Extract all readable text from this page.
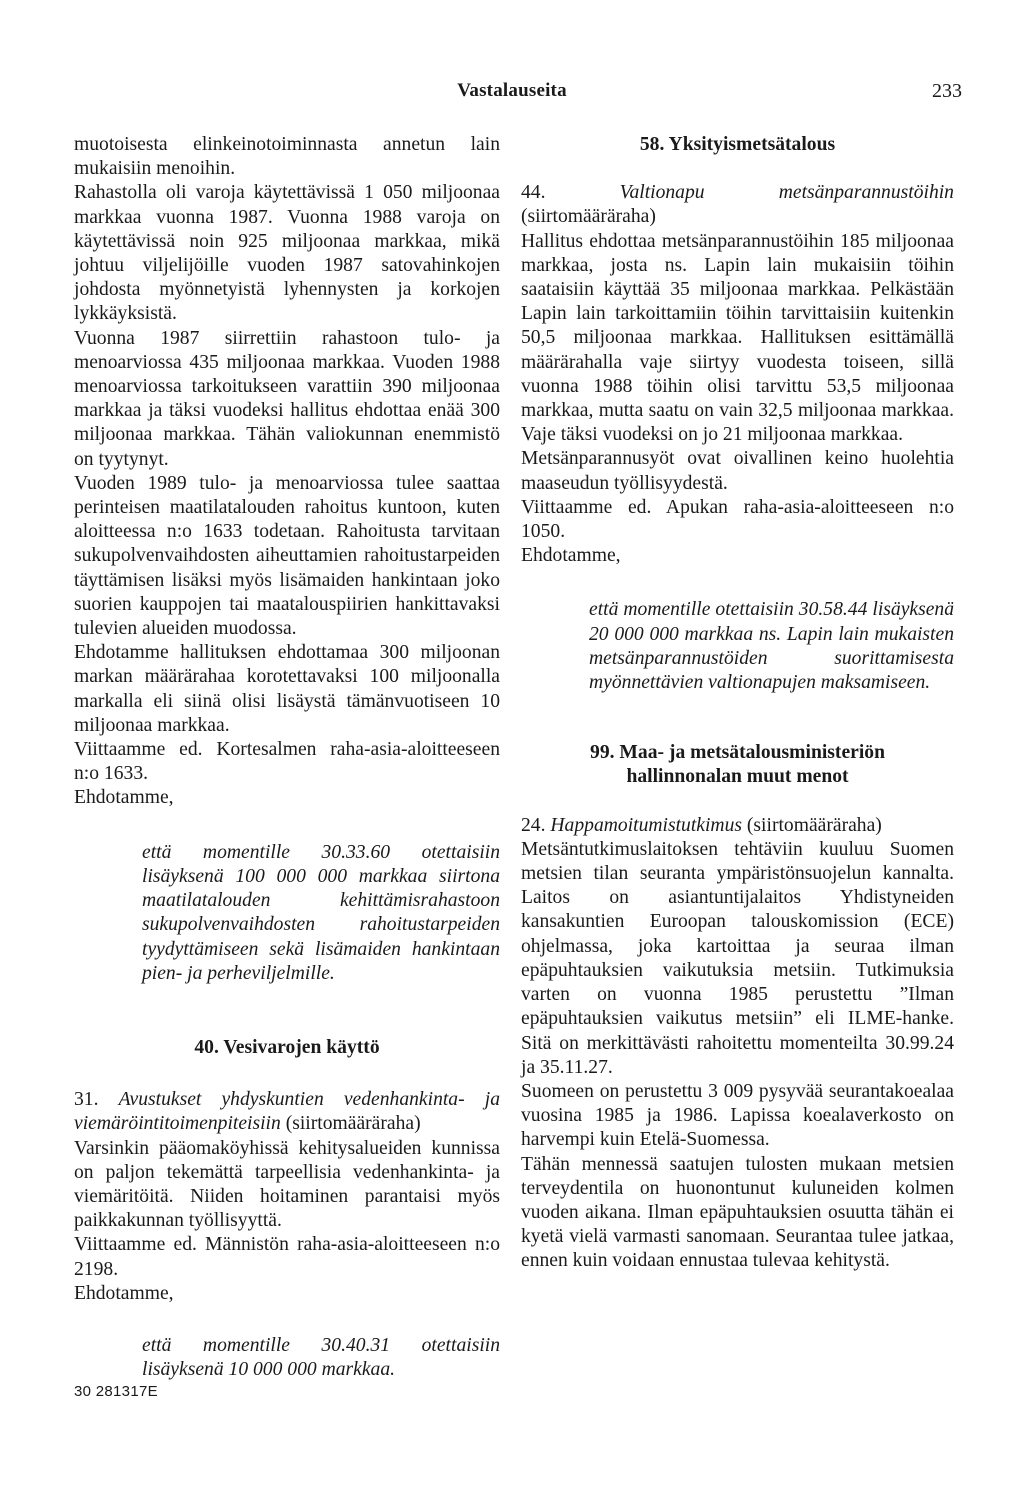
Vastalauseita	233

muotoisesta elinkeinotoiminnasta annetun lain mukaisiin menoihin.

Rahastolla oli varoja käytettävissä 1 050 miljoonaa markkaa vuonna 1987. Vuonna 1988 varoja on käytettävissä noin 925 miljoonaa markkaa, mikä johtuu viljelijöille vuoden 1987 satovahinkojen johdosta myönnetyistä lyhennysten ja korkojen lykkäyksistä.

Vuonna 1987 siirrettiin rahastoon tulo- ja menoarviossa 435 miljoonaa markkaa. Vuoden 1988 menoarviossa tarkoitukseen varattiin 390 miljoonaa markkaa ja täksi vuodeksi hallitus ehdottaa enää 300 miljoonaa markkaa. Tähän valiokunnan enemmistö on tyytynyt.

Vuoden 1989 tulo- ja menoarviossa tulee saattaa perinteisen maatilatalouden rahoitus kuntoon, kuten aloitteessa n:o 1633 todetaan. Rahoitusta tarvitaan sukupolvenvaihdosten aiheuttamien rahoitustarpeiden täyttämisen lisäksi myös lisämaiden hankintaan joko suorien kauppojen tai maatalouspiirien hankittavaksi tulevien alueiden muodossa.

Ehdotamme hallituksen ehdottamaa 300 miljoonan markan määrärahaa korotettavaksi 100 miljoonalla markalla eli siinä olisi lisäystä tämänvuotiseen 10 miljoonaa markkaa.

Viittaamme ed. Kortesalmen raha-asia-aloitteeseen n:o 1633.

Ehdotamme,

että momentille 30.33.60 otettaisiin lisäyksenä 100 000 000 markkaa siirtona maatilatalouden kehittämisrahastoon sukupolvenvaihdosten rahoitustarpeiden tyydyttämiseen sekä lisämaiden hankintaan pien- ja perheviljelmille.

40. Vesivarojen käyttö

31. Avustukset yhdyskuntien vedenhankinta- ja viemäröintitoimenpiteisiin (siirtomääräraha)

Varsinkin pääomaköyhissä kehitysalueiden kunnissa on paljon tekemättä tarpeellisia vedenhankinta- ja viemäritöitä. Niiden hoitaminen parantaisi myös paikkakunnan työllisyyttä.

Viittaamme ed. Männistön raha-asia-aloitteeseen n:o 2198.

Ehdotamme,

että momentille 30.40.31 otettaisiin lisäyksenä 10 000 000 markkaa.

58. Yksityismetsätalous

44.	Valtionapu metsänparannustöihin (siirtomääräraha)

Hallitus ehdottaa metsänparannustöihin 185 miljoonaa markkaa, josta ns. Lapin lain mukaisiin töihin saataisiin käyttää 35 miljoonaa markkaa. Pelkästään Lapin lain tarkoittamiin töihin tarvittaisiin kuitenkin 50,5 miljoonaa markkaa. Hallituksen esittämällä määrärahalla vaje siirtyy vuodesta toiseen, sillä vuonna 1988 töihin olisi tarvittu 53,5 miljoonaa markkaa, mutta saatu on vain 32,5 miljoonaa markkaa. Vaje täksi vuodeksi on jo 21 miljoonaa markkaa.

Metsänparannusyöt ovat oivallinen keino huolehtia maaseudun työllisyydestä.

Viittaamme ed. Apukan raha-asia-aloitteeseen n:o 1050.

Ehdotamme,

että momentille otettaisiin 30.58.44 lisäyksenä 20 000 000 markkaa ns. Lapin lain mukaisten metsänparannustöiden suorittamisesta myönnettävien valtionapujen maksamiseen.

99. Maa- ja metsätalousministeriön

hallinnonalan muut menot

24. Happamoitumistutkimus (siirtomääräraha)

Metsäntutkimuslaitoksen tehtäviin kuuluu Suomen metsien tilan seuranta ympäristönsuojelun kannalta. Laitos on asiantuntijalaitos Yhdistyneiden kansakuntien Euroopan talouskomission (ECE) ohjelmassa, joka kartoittaa ja seuraa ilman epäpuhtauksien vaikutuksia metsiin. Tutkimuksia varten on vuonna 1985 perustettu ”Ilman epäpuhtauksien vaikutus metsiin” eli ILME-hanke. Sitä on merkittävästi rahoitettu momenteilta 30.99.24 ja 35.11.27.

Suomeen on perustettu 3 009 pysyvää seurantakoealaa vuosina 1985 ja 1986. Lapissa koealaverkosto on harvempi kuin Etelä-Suomessa.

Tähän mennessä saatujen tulosten mukaan metsien terveydentila on huonontunut kuluneiden kolmen vuoden aikana. Ilman epäpuhtauksien osuutta tähän ei kyetä vielä varmasti sanomaan. Seurantaa tulee jatkaa, ennen kuin voidaan ennustaa tulevaa kehitystä.

30 281317E
